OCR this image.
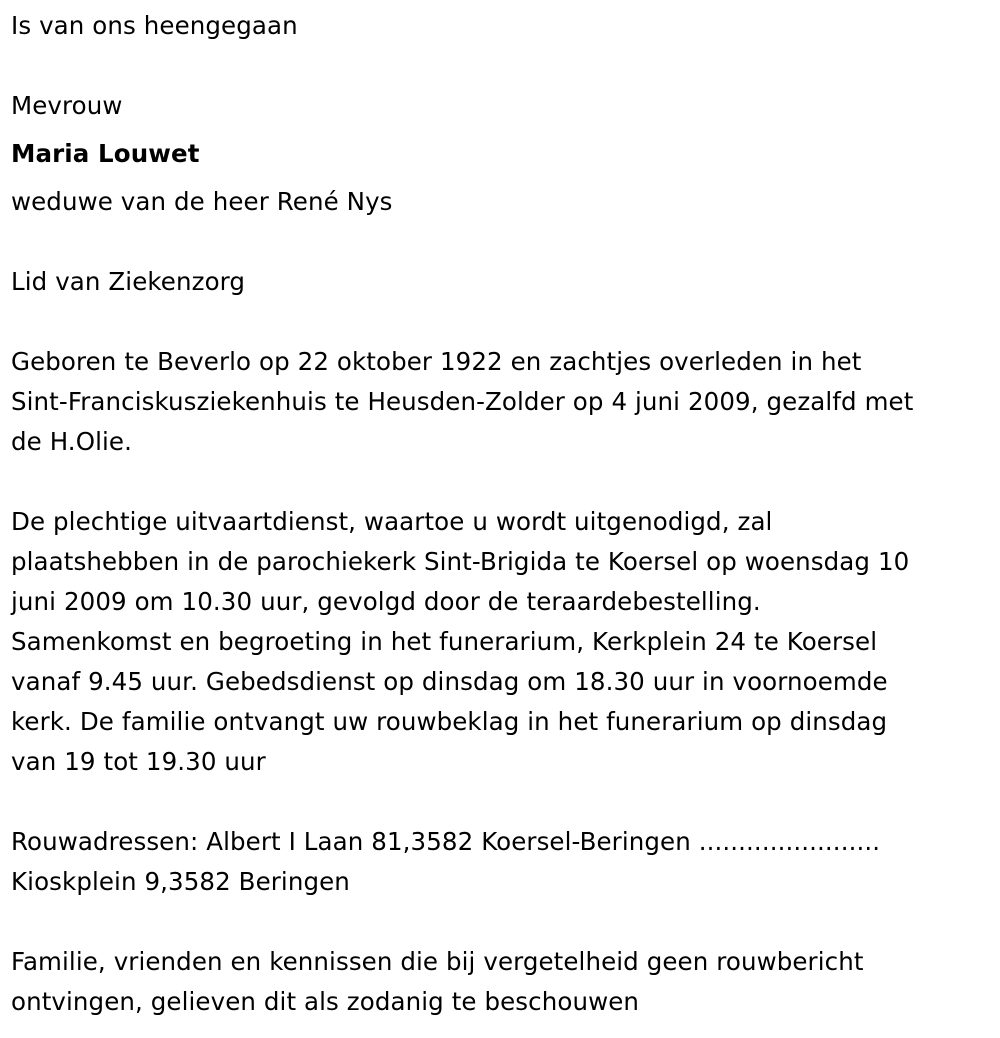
Is van ons heengegaan

Mevrouw

Maria Louwet

weduwe van de heer René Nys

Lid van Ziekenzorg

Geboren te Beverlo op 22 oktober 1922 en zachtjes overleden in het

Sint-Franciskusziekenhuis te Heusden-Zolder op 4 juni 2009, gezalfd met

de H.Olie.

De plechtige uitvaartdienst, waartoe u wordt uitgenodigd, zal

plaatshebben in de parochiekerk Sint-Brigida te Koersel op woensdag 10

juni 2009 om 10.30 uur, gevolgd door de teraardebestelling.

Samenkomst en begroeting in het funerarium, Kerkplein 24 te Koersel

vanaf 9.45 uur. Gebedsdienst op dinsdag om 18.30 uur in voornoemde

kerk. De familie ontvangt uw rouwbeklag in het funerarium op dinsdag

van 19 tot 19.30 uur

Rouwadressen: Albert I Laan 81,3582 Koersel-Beringen .......................

Kioskplein 9,3582 Beringen

Familie, vrienden en kennissen die bij vergetelheid geen rouwbericht

ontvingen, gelieven dit als zodanig te beschouwen
